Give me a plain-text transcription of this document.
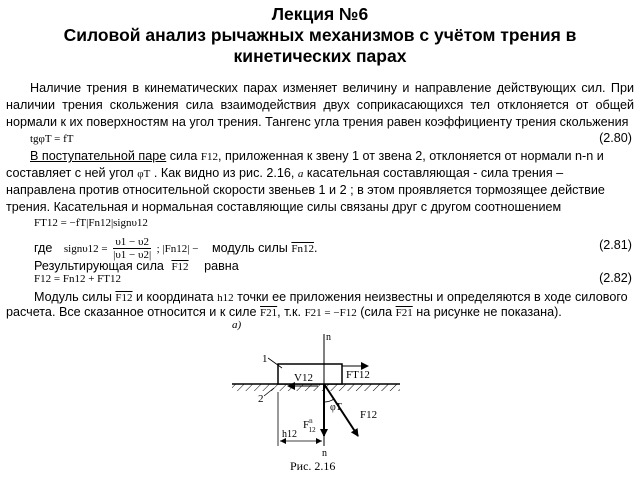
Лекция №6
Силовой анализ рычажных механизмов с учётом трения в
кинетических парах
Наличие трения в кинематических парах изменяет величину и направление действующих сил. При наличии трения скольжения сила взаимодействия двух соприкасающихся тел отклоняется от общей нормали к их поверхностям на угол трения. Тангенс угла трения равен коэффициенту трения скольжения
tgφT = fT	(2.80)
В поступательной паре сила F12, приложенная к звену 1 от звена 2, отклоняется от нормали n-n и
составляет с ней угол φT . Как видно из рис. 2.16, a касательная составляющая - сила трения –
направлена против относительной скорости звеньев 1 и 2 ; в этом проявляется тормозящее действие
трения. Касательная и нормальная составляющие силы связаны друг с другом соотношением
FT12 = −fT|Fn12|signυ12
(2.81)
где signυ12 = $\frac{\upsilon 1 - \upsilon 2}{|\upsilon 1 - \upsilon 2|}$ ; |Fn12| − модуль силы Fn12.
Результирующая сила F12 равна
F12 = Fn12 + FT12	(2.82)
Модуль силы F12 и координата h12 точки ее приложения неизвестны и определяются в ходе силового
расчета. Все сказанное относится и к силе F21, т.к. F21 = −F12 (сила F21 на рисунке не показана).
а)
n
n
1
2
V12	FT12
$F^n$ 12
F12
φT
h12
Рис. 2.16
